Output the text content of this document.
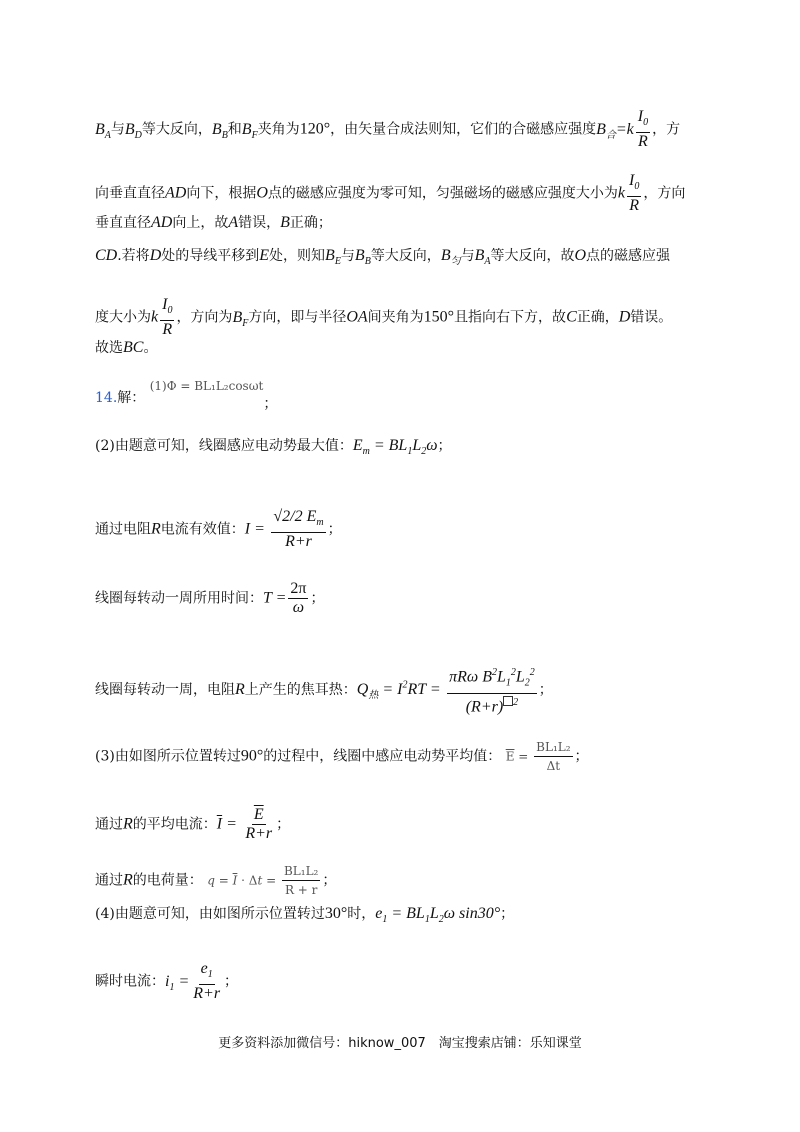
$B_A$与$B_D$等大反向，$B_B$和$B_F$夹角为120°，由矢量合成法则知，它们的合磁感应强度$B_合=k \frac{I_0}{R}$ ，方
向垂直直径AD向下，根据O点的磁感应强度为零可知，匀强磁场的磁感应强度大小为k $\frac{I_0}{R}$ ，方向
垂直直径AD向上，故A错误，B正确；
CD.若将D处的导线平移到E处，则知$B_E$与$B_B$等大反向，$B_匀$与$B_A$等大反向，故O点的磁感应强
度大小为k $\frac{I_0}{R}$ ，方向为$B_F$方向，即与半径OA间夹角为150°且指向右下方，故C正确，D错误。
故选BC。
14.解： (1)Φ = BL₁L₂cosωt；
(2)由题意可知，线圈感应电动势最大值：$E_m = BL_1L_2\omega$；
通过电阻R电流有效值：$I = \frac{√2/2 E_m}{R+r}$ ；
线圈每转动一周所用时间：$T = \frac{2\pi}{\omega}$ ；
线圈每转动一周，电阻R上产生的焦耳热：$Q_热 = I^2RT = \frac{\pi R\omega B^2L_1^2L_2^2}{(R+r) ^2}$ ；
(3)由如图所示位置转过90°的过程中，线圈中感应电动势平均值： $\overline{E} = \frac{\text{BL₁L₂}}{\Delta t}$ ；
通过R的平均电流：$\overline{I} = \frac{\overline{E}}{R+r}$ ；
通过R的电荷量： $q = \overline{I} \cdot \Delta t = \frac{\text{BL₁L₂}}{R + r}$ ；
(4)由题意可知，由如图所示位置转过30°时，$e_1 = BL_1L_2\omega$ sin30°；
瞬时电流：$i_1 = \frac{e_1}{R+r}$ ；
更多资料添加微信号：hiknow_007　淘宝搜索店铺：乐知课堂
